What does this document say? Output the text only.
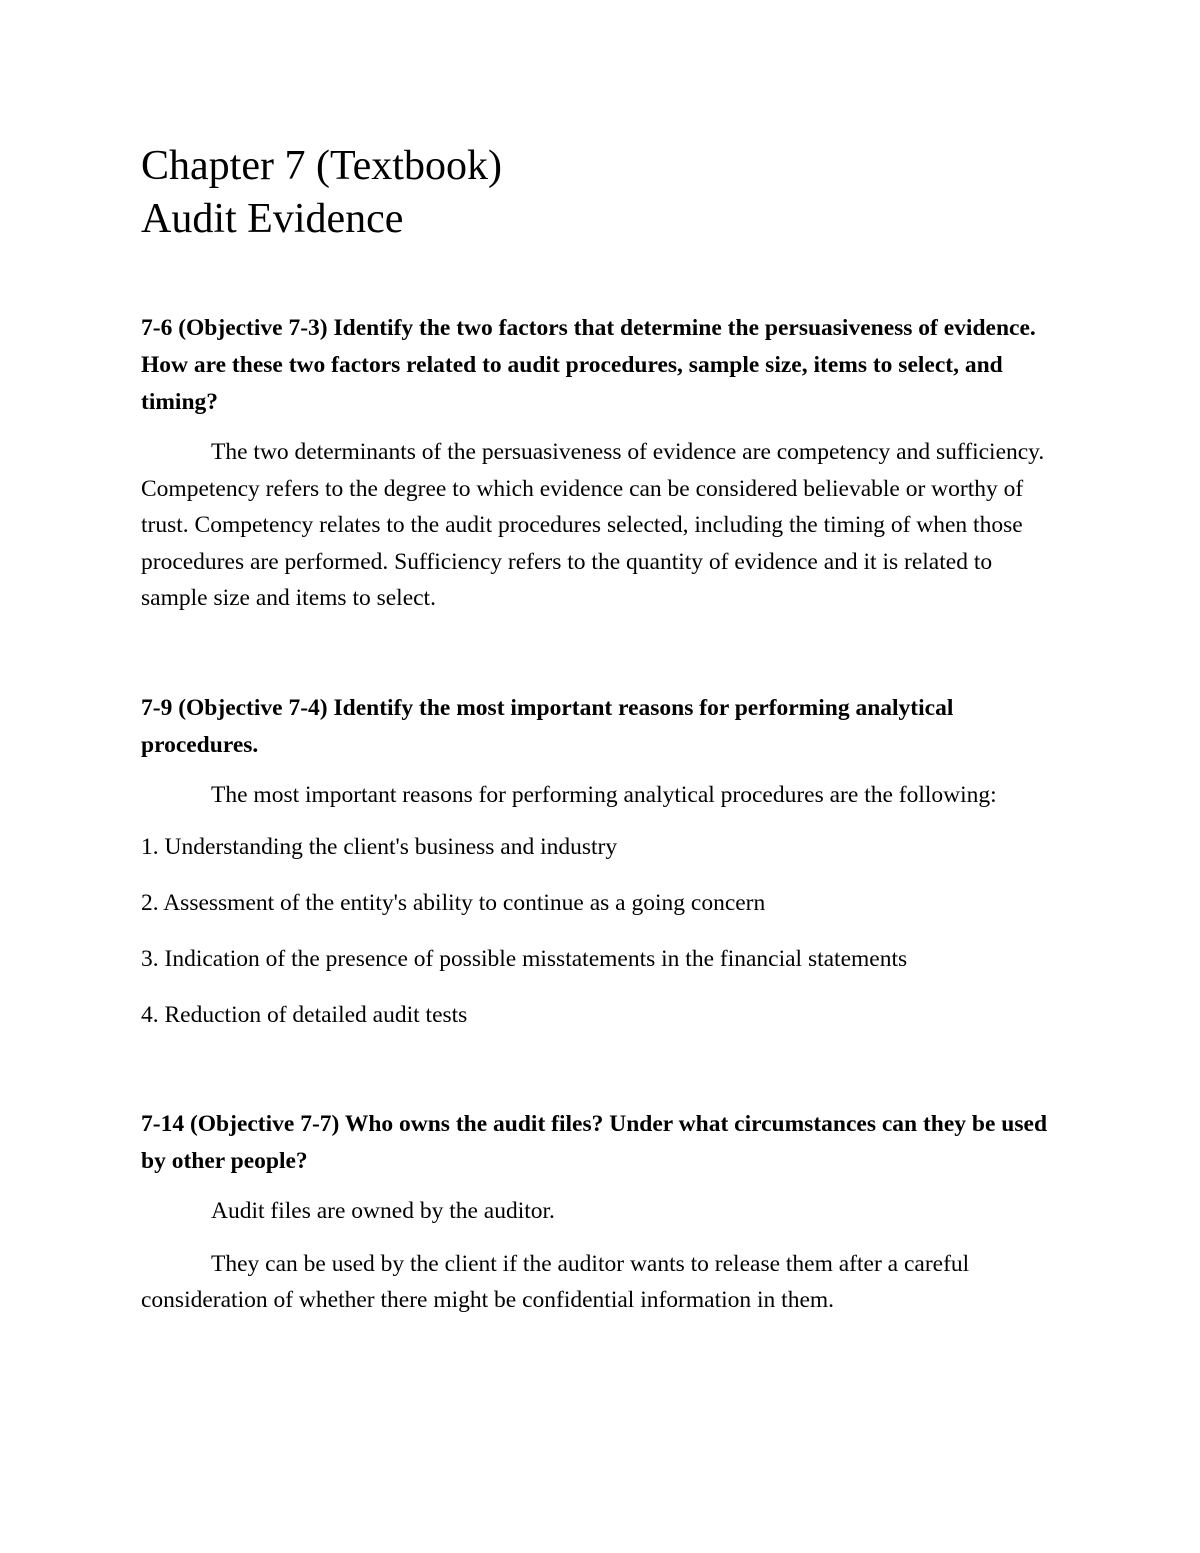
Chapter 7 (Textbook)

Audit Evidence

7-6 (Objective 7-3) Identify the two factors that determine the persuasiveness of evidence. How are these two factors related to audit procedures, sample size, items to select, and timing?

The two determinants of the persuasiveness of evidence are competency and sufficiency. Competency refers to the degree to which evidence can be considered believable or worthy of trust. Competency relates to the audit procedures selected, including the timing of when those procedures are performed. Sufficiency refers to the quantity of evidence and it is related to sample size and items to select.

7-9 (Objective 7-4) Identify the most important reasons for performing analytical procedures.

The most important reasons for performing analytical procedures are the following:

1. Understanding the client's business and industry

2. Assessment of the entity's ability to continue as a going concern

3. Indication of the presence of possible misstatements in the financial statements

4. Reduction of detailed audit tests

7-14 (Objective 7-7) Who owns the audit files? Under what circumstances can they be used by other people?

Audit files are owned by the auditor.

They can be used by the client if the auditor wants to release them after a careful consideration of whether there might be confidential information in them.
